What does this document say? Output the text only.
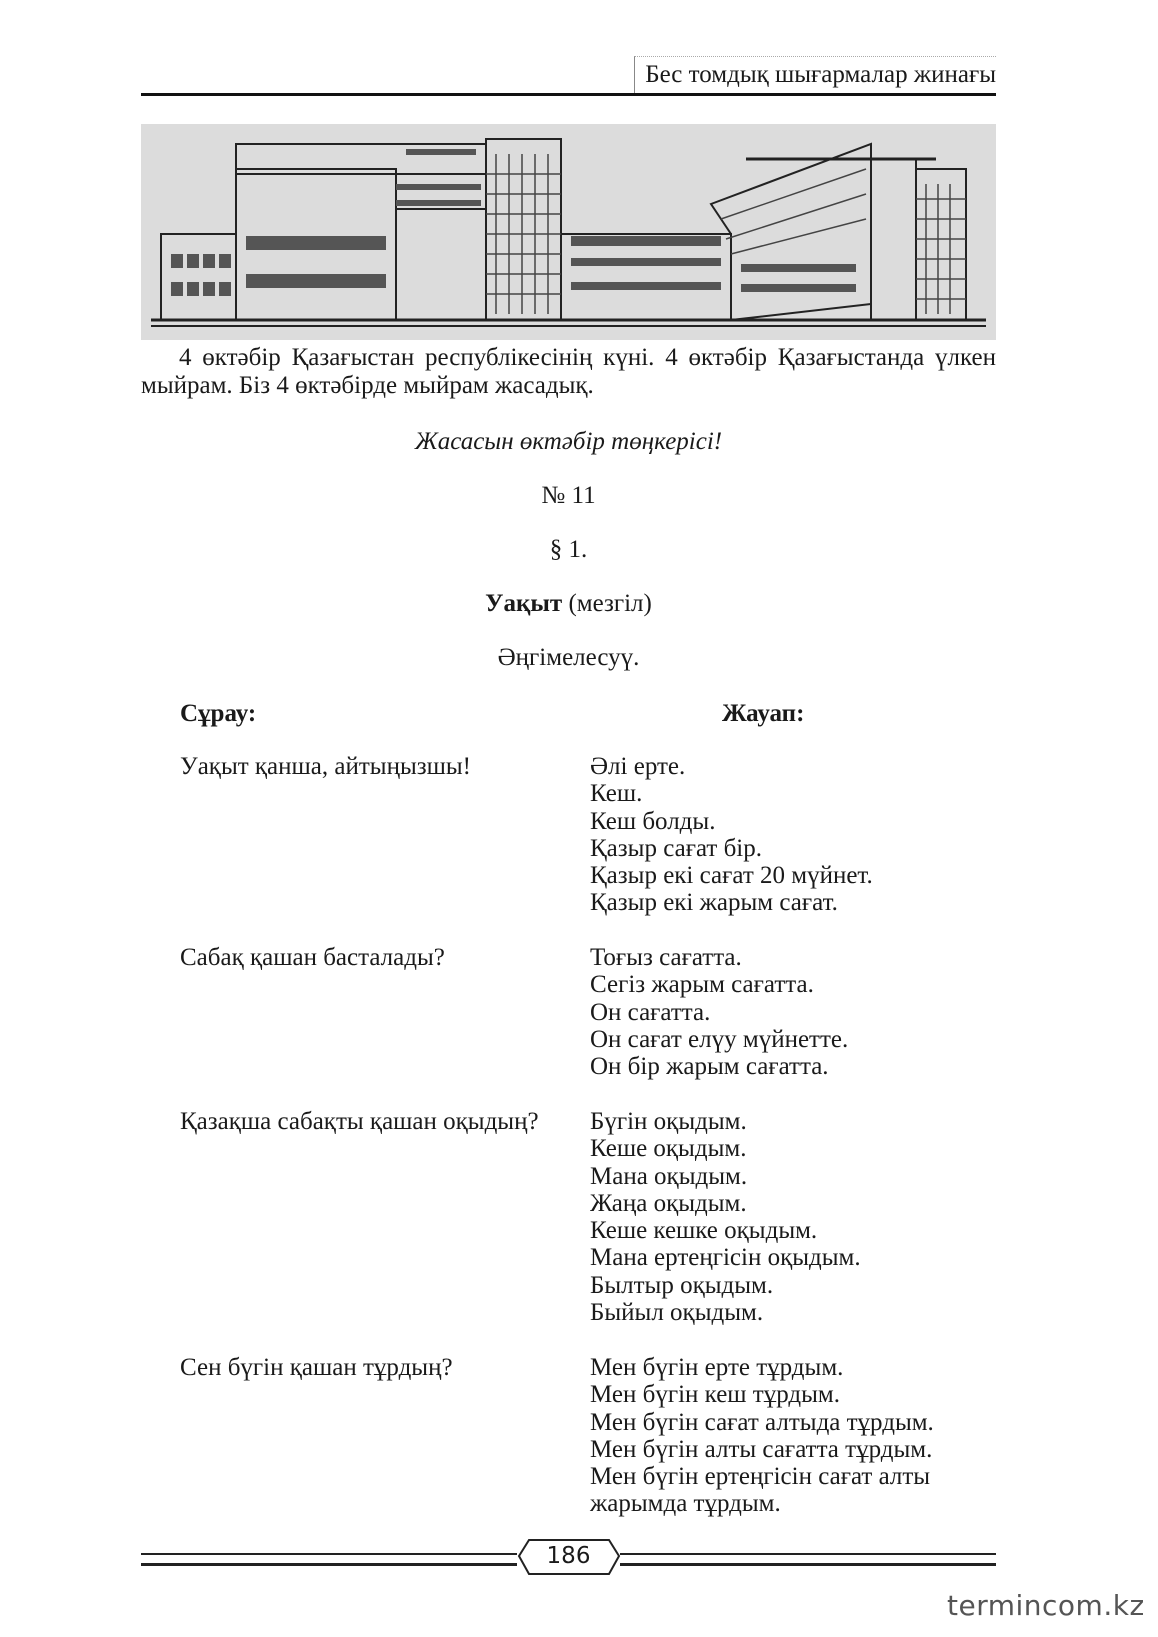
Бес томдық шығармалар жинағы
4 өктәбір Қазағыстан республікесінің күні. 4 өктәбір Қазағыстанда үлкен мыйрам. Біз 4 өктәбірде мыйрам жасадық.
Жасасын өктәбір төңкерісі!
№ 11
§ 1.
Уақыт (мезгіл)
Әңгімелесуү.
Сұрау:	Жауап:
Уақыт қанша, айтыңызшы!	Әлі ерте.
Кеш.
Кеш болды.
Қазыр сағат бір.
Қазыр екі сағат 20 мүйнет.
Қазыр екі жарым сағат.
Сабақ қашан басталады?	Тоғыз сағатта.
Сегіз жарым сағатта.
Он сағатта.
Он сағат елүу мүйнетте.
Он бір жарым сағатта.
Қазақша сабақты қашан оқыдың? Бүгін оқыдым.
Кеше оқыдым.
Мана оқыдым.
Жаңа оқыдым.
Кеше кешке оқыдым.
Мана ертеңгісін оқыдым.
Былтыр оқыдым.
Быйыл оқыдым.
Сен бүгін қашан тұрдың?	Мен бүгін ерте тұрдым.
Мен бүгін кеш тұрдым.
Мен бүгін сағат алтыда тұрдым.
Мен бүгін алты сағатта тұрдым.
Мен бүгін ертеңгісін сағат алты
жарымда тұрдым.
186
termincom.kz
